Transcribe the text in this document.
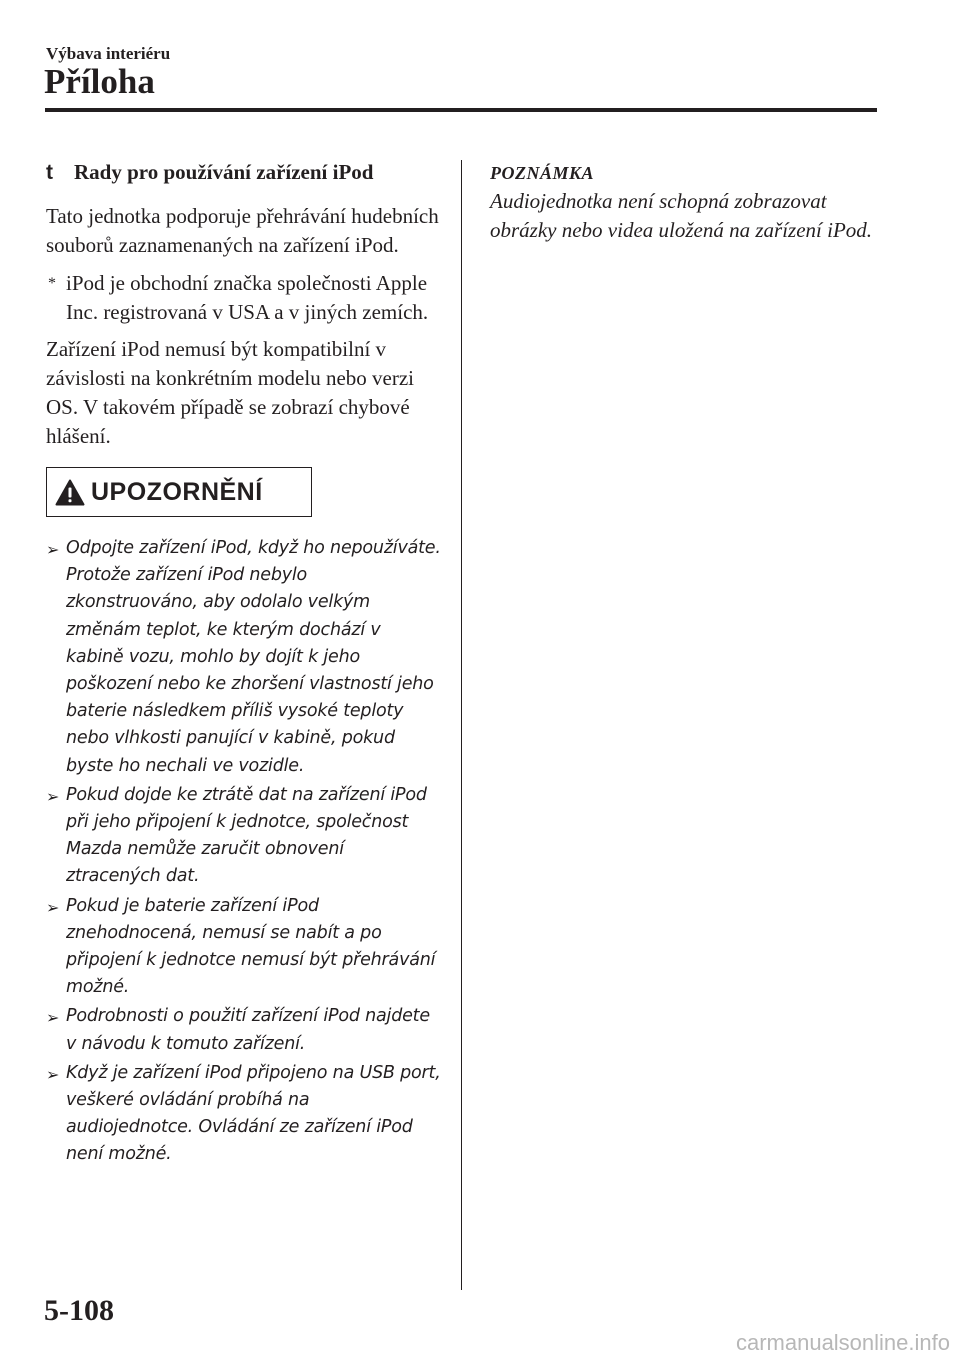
Výbava interiéru
Příloha
t	Rady pro používání zařízení iPod

Tato jednotka podporuje přehrávání hudebních souborů zaznamenaných na zařízení iPod.

* iPod je obchodní značka společnosti Apple Inc. registrovaná v USA a v jiných zemích.

Zařízení iPod nemusí být kompatibilní v závislosti na konkrétním modelu nebo verzi OS. V takovém případě se zobrazí chybové hlášení.

UPOZORNĚNÍ
➢ Odpojte zařízení iPod, když ho nepoužíváte. Protože zařízení iPod nebylo zkonstruováno, aby odolalo velkým změnám teplot, ke kterým dochází v kabině vozu, mohlo by dojít k jeho poškození nebo ke zhoršení vlastností jeho baterie následkem příliš vysoké teploty nebo vlhkosti panující v kabině, pokud byste ho nechali ve vozidle.
➢ Pokud dojde ke ztrátě dat na zařízení iPod při jeho připojení k jednotce, společnost Mazda nemůže zaručit obnovení ztracených dat.
➢ Pokud je baterie zařízení iPod znehodnocená, nemusí se nabít a po připojení k jednotce nemusí být přehrávání možné.
➢ Podrobnosti o použití zařízení iPod najdete v návodu k tomuto zařízení.
➢ Když je zařízení iPod připojeno na USB port, veškeré ovládání probíhá na audiojednotce. Ovládání ze zařízení iPod není možné.

POZNÁMKA

Audiojednotka není schopná zobrazovat obrázky nebo videa uložená na zařízení iPod.

5-108
carmanualsonline.info
